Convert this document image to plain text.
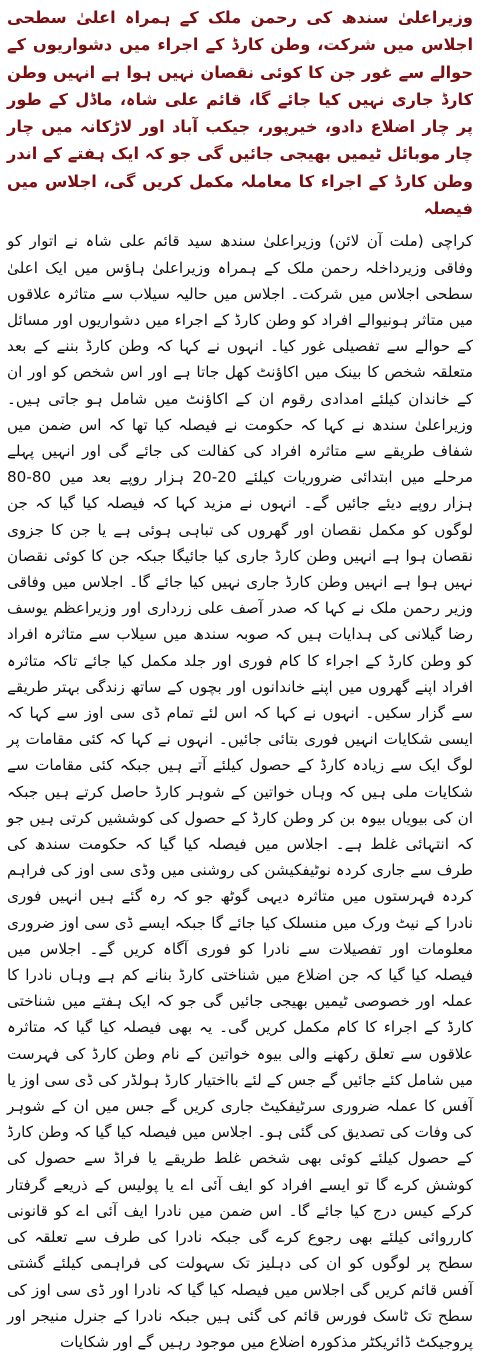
وزیراعلیٰ سندھ کی رحمن ملک کے ہمراہ اعلیٰ سطحی اجلاس میں شرکت، وطن کارڈ کے اجراء میں دشواریوں کے حوالے سے غور جن کا کوئی نقصان نہیں ہوا ہے انہیں وطن کارڈ جاری نہیں کیا جائے گا، قائم علی شاہ، ماڈل کے طور پر چار اضلاع دادو، خیرپور، جیکب آباد اور لاڑکانہ میں چار چار موبائل ٹیمیں بھیجی جائیں گی جو کہ ایک ہفتے کے اندر وطن کارڈ کے اجراء کا معاملہ مکمل کریں گی، اجلاس میں فیصلہ

کراچی (ملت آن لائن) وزیراعلیٰ سندھ سید قائم علی شاہ نے اتوار کو وفاقی وزیرداخلہ رحمن ملک کے ہمراہ وزیراعلیٰ ہاؤس میں ایک اعلیٰ سطحی اجلاس میں شرکت۔ اجلاس میں حالیہ سیلاب سے متاثرہ علاقوں میں متاثر ہونیوالے افراد کو وطن کارڈ کے اجراء میں دشواریوں اور مسائل کے حوالے سے تفصیلی غور کیا۔ انہوں نے کہا کہ وطن کارڈ بننے کے بعد متعلقہ شخص کا بینک میں اکاؤنٹ کھل جاتا ہے اور اس شخص کو اور ان کے خاندان کیلئے امدادی رقوم ان کے اکاؤنٹ میں شامل ہو جاتی ہیں۔ وزیراعلیٰ سندھ نے کہا کہ حکومت نے فیصلہ کیا تھا کہ اس ضمن میں شفاف طریقے سے متاثرہ افراد کی کفالت کی جائے گی اور انہیں پہلے مرحلے میں ابتدائی ضروریات کیلئے 20-20 ہزار روپے بعد میں 80-80 ہزار روپے دیئے جائیں گے۔ انہوں نے مزید کہا کہ فیصلہ کیا گیا کہ جن لوگوں کو مکمل نقصان اور گھروں کی تباہی ہوئی ہے یا جن کا جزوی نقصان ہوا ہے انہیں وطن کارڈ جاری کیا جائیگا جبکہ جن کا کوئی نقصان نہیں ہوا ہے انہیں وطن کارڈ جاری نہیں کیا جائے گا۔ اجلاس میں وفاقی وزیر رحمن ملک نے کہا کہ صدر آصف علی زرداری اور وزیراعظم یوسف رضا گیلانی کی ہدایات ہیں کہ صوبہ سندھ میں سیلاب سے متاثرہ افراد کو وطن کارڈ کے اجراء کا کام فوری اور جلد مکمل کیا جائے تاکہ متاثرہ افراد اپنے گھروں میں اپنے خاندانوں اور بچوں کے ساتھ زندگی بہتر طریقے سے گزار سکیں۔ انہوں نے کہا کہ اس لئے تمام ڈی سی اوز سے کہا کہ ایسی شکایات انہیں فوری بتائی جائیں۔ انہوں نے کہا کہ کئی مقامات پر لوگ ایک سے زیادہ کارڈ کے حصول کیلئے آتے ہیں جبکہ کئی مقامات سے شکایات ملی ہیں کہ وہاں خواتین کے شوہر کارڈ حاصل کرتے ہیں جبکہ ان کی بیویاں بیوہ بن کر وطن کارڈ کے حصول کی کوششیں کرتی ہیں جو کہ انتہائی غلط ہے۔ اجلاس میں فیصلہ کیا گیا کہ حکومت سندھ کی طرف سے جاری کردہ نوٹیفکیشن کی روشنی میں وڈی سی اوز کی فراہم کردہ فہرستوں میں متاثرہ دیہی گوٹھ جو کہ رہ گئے ہیں انہیں فوری نادرا کے نیٹ ورک میں منسلک کیا جائے گا جبکہ ایسے ڈی سی اوز ضروری معلومات اور تفصیلات سے نادرا کو فوری آگاہ کریں گے۔ اجلاس میں فیصلہ کیا گیا کہ جن اضلاع میں شناختی کارڈ بنانے کم ہے وہاں نادرا کا عملہ اور خصوصی ٹیمیں بھیجی جائیں گی جو کہ ایک ہفتے میں شناختی کارڈ کے اجراء کا کام مکمل کریں گی۔ یہ بھی فیصلہ کیا گیا کہ متاثرہ علاقوں سے تعلق رکھنے والی بیوہ خواتین کے نام وطن کارڈ کی فہرست میں شامل کئے جائیں گے جس کے لئے بااختیار کارڈ ہولڈر کی ڈی سی اوز یا آفس کا عملہ ضروری سرٹیفکیٹ جاری کریں گے جس میں ان کے شوہر کی وفات کی تصدیق کی گئی ہو۔ اجلاس میں فیصلہ کیا گیا کہ وطن کارڈ کے حصول کیلئے کوئی بھی شخص غلط طریقے یا فراڈ سے حصول کی کوشش کرے گا تو ایسے افراد کو ایف آئی اے یا پولیس کے ذریعے گرفتار کرکے کیس درج کیا جائے گا۔ اس ضمن میں نادرا ایف آئی اے کو قانونی کارروائی کیلئے بھی رجوع کرے گی جبکہ نادرا کی طرف سے تعلقہ کی سطح پر لوگوں کو ان کی دہلیز تک سہولت کی فراہمی کیلئے گشتی آفس قائم کریں گی اجلاس میں فیصلہ کیا گیا کہ نادرا اور ڈی سی اوز کی سطح تک ٹاسک فورس قائم کی گئی ہیں جبکہ نادرا کے جنرل منیجر اور پروجیکٹ ڈائریکٹر مذکورہ اضلاع میں موجود رہیں گے اور شکایات
